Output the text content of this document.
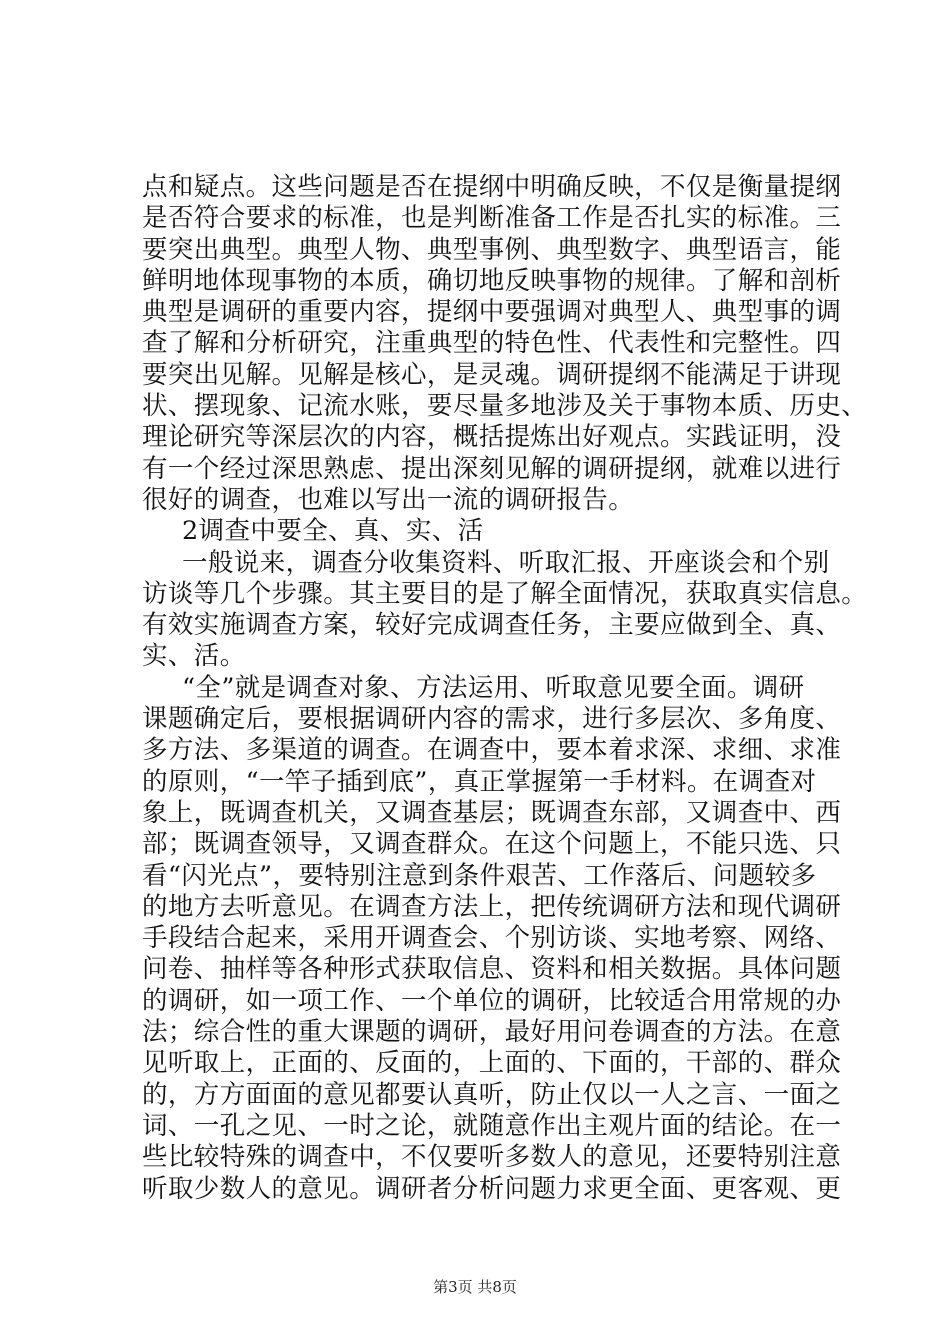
点和疑点。这些问题是否在提纲中明确反映，不仅是衡量提纲
是否符合要求的标准，也是判断准备工作是否扎实的标准。三
要突出典型。典型人物、典型事例、典型数字、典型语言，能
鲜明地体现事物的本质，确切地反映事物的规律。了解和剖析
典型是调研的重要内容，提纲中要强调对典型人、典型事的调
查了解和分析研究，注重典型的特色性、代表性和完整性。四
要突出见解。见解是核心，是灵魂。调研提纲不能满足于讲现
状、摆现象、记流水账，要尽量多地涉及关于事物本质、历史、
理论研究等深层次的内容，概括提炼出好观点。实践证明，没
有一个经过深思熟虑、提出深刻见解的调研提纲，就难以进行
很好的调查，也难以写出一流的调研报告。
2调查中要全、真、实、活
一般说来，调查分收集资料、听取汇报、开座谈会和个别
访谈等几个步骤。其主要目的是了解全面情况，获取真实信息。
有效实施调查方案，较好完成调查任务，主要应做到全、真、
实、活。
“全”就是调查对象、方法运用、听取意见要全面。调研
课题确定后，要根据调研内容的需求，进行多层次、多角度、
多方法、多渠道的调查。在调查中，要本着求深、求细、求准
的原则，“一竿子插到底”，真正掌握第一手材料。在调查对
象上，既调查机关，又调查基层；既调查东部，又调查中、西
部；既调查领导，又调查群众。在这个问题上，不能只选、只
看“闪光点”，要特别注意到条件艰苦、工作落后、问题较多
的地方去听意见。在调查方法上，把传统调研方法和现代调研
手段结合起来，采用开调查会、个别访谈、实地考察、网络、
问卷、抽样等各种形式获取信息、资料和相关数据。具体问题
的调研，如一项工作、一个单位的调研，比较适合用常规的办
法；综合性的重大课题的调研，最好用问卷调查的方法。在意
见听取上，正面的、反面的，上面的、下面的，干部的、群众
的，方方面面的意见都要认真听，防止仅以一人之言、一面之
词、一孔之见、一时之论，就随意作出主观片面的结论。在一
些比较特殊的调查中，不仅要听多数人的意见，还要特别注意
听取少数人的意见。调研者分析问题力求更全面、更客观、更
第3页 共8页
